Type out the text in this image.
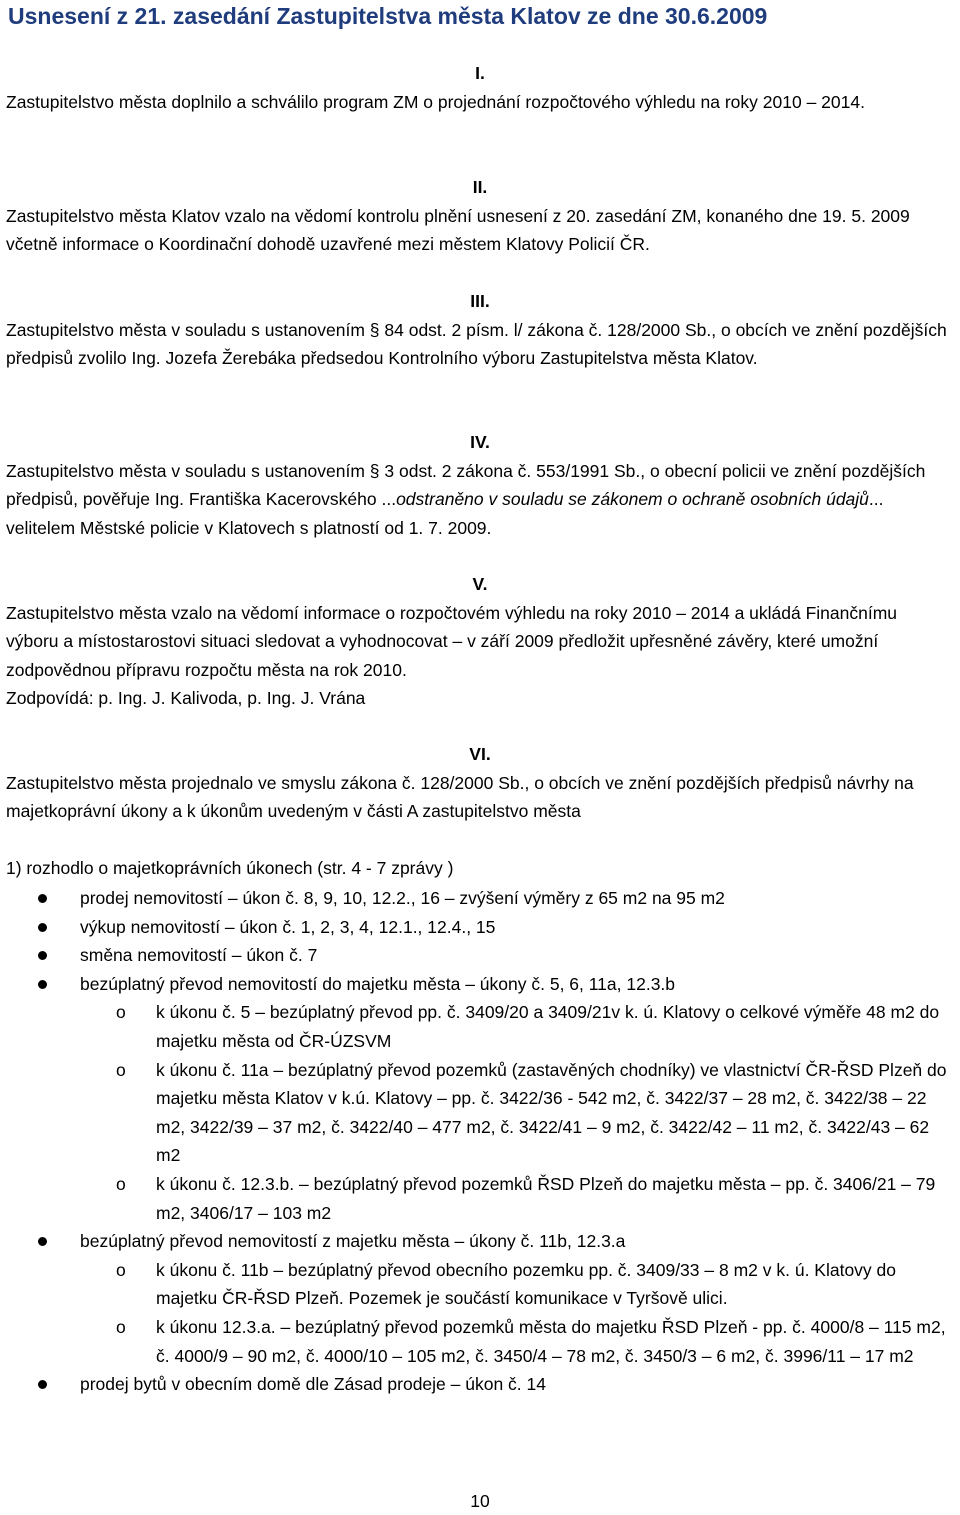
Usnesení z 21. zasedání Zastupitelstva města Klatov ze dne 30.6.2009

I.

Zastupitelstvo města doplnilo a schválilo program ZM o projednání rozpočtového výhledu na roky 2010 – 2014.

II.

Zastupitelstvo města Klatov vzalo na vědomí kontrolu plnění usnesení z 20. zasedání ZM, konaného dne 19. 5. 2009 včetně informace o Koordinační dohodě uzavřené mezi městem Klatovy Policií ČR.

III.

Zastupitelstvo města v souladu s ustanovením § 84 odst. 2 písm. l/ zákona č. 128/2000 Sb., o obcích ve znění pozdějších předpisů zvolilo Ing. Jozefa Žerebáka předsedou Kontrolního výboru Zastupitelstva města Klatov.

IV.

Zastupitelstvo města v souladu s ustanovením § 3 odst. 2 zákona č. 553/1991 Sb., o obecní policii ve znění pozdějších předpisů, pověřuje Ing. Františka Kacerovského ...odstraněno v souladu se zákonem o ochraně osobních údajů... velitelem Městské policie v Klatovech s platností od 1. 7. 2009.

V.

Zastupitelstvo města vzalo na vědomí informace o rozpočtovém výhledu na roky 2010 – 2014 a ukládá Finančnímu výboru a místostarostovi situaci sledovat a vyhodnocovat – v září 2009 předložit upřesněné závěry, které umožní zodpovědnou přípravu rozpočtu města na rok 2010.

Zodpovídá: p. Ing. J. Kalivoda, p. Ing. J. Vrána

VI.

Zastupitelstvo města projednalo ve smyslu zákona č. 128/2000 Sb., o obcích ve znění pozdějších předpisů návrhy na majetkoprávní úkony a k úkonům uvedeným v části A zastupitelstvo města

1) rozhodlo o majetkoprávních úkonech (str. 4 - 7 zprávy )

prodej nemovitostí – úkon č. 8, 9, 10, 12.2., 16 – zvýšení výměry z 65 m2 na 95 m2
výkup nemovitostí – úkon č. 1, 2, 3, 4, 12.1., 12.4., 15
směna nemovitostí – úkon č. 7
bezúplatný převod nemovitostí do majetku města – úkony č. 5, 6, 11a, 12.3.b
o k úkonu č. 5 – bezúplatný převod pp. č. 3409/20 a 3409/21v k. ú. Klatovy o celkové výměře 48 m2 do majetku města od ČR-ÚZSVM
o k úkonu č. 11a – bezúplatný převod pozemků (zastavěných chodníky) ve vlastnictví ČR-ŘSD Plzeň do majetku města Klatov v k.ú. Klatovy – pp. č. 3422/36 - 542 m2, č. 3422/37 – 28 m2, č. 3422/38 – 22 m2, 3422/39 – 37 m2, č. 3422/40 – 477 m2, č. 3422/41 – 9 m2, č. 3422/42 – 11 m2, č. 3422/43 – 62 m2
o k úkonu č. 12.3.b. – bezúplatný převod pozemků ŘSD Plzeň do majetku města – pp. č. 3406/21 – 79 m2, 3406/17 – 103 m2
bezúplatný převod nemovitostí z majetku města – úkony č. 11b, 12.3.a
o k úkonu č. 11b – bezúplatný převod obecního pozemku pp. č. 3409/33 – 8 m2 v k. ú. Klatovy do majetku ČR-ŘSD Plzeň. Pozemek je součástí komunikace v Tyršově ulici.
o k úkonu 12.3.a. – bezúplatný převod pozemků města do majetku ŘSD Plzeň - pp. č. 4000/8 – 115 m2, č. 4000/9 – 90 m2, č. 4000/10 – 105 m2, č. 3450/4 – 78 m2, č. 3450/3 – 6 m2, č. 3996/11 – 17 m2
prodej bytů v obecním domě dle Zásad prodeje – úkon č. 14
10
